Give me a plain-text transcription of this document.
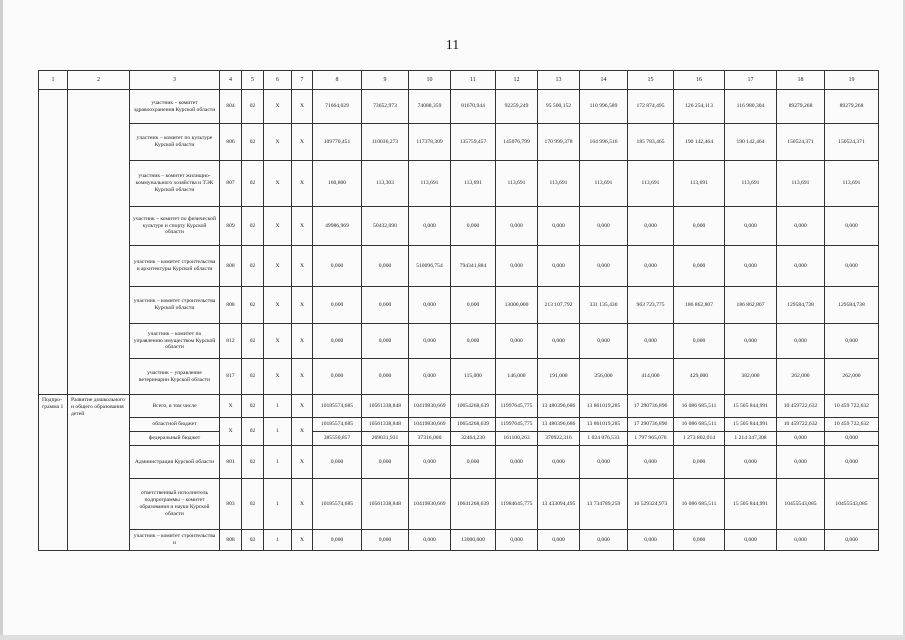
11
1	2	3	4	5	6	7	8	9	10	11	12	13	14	15	16	17	18	19
		участник – комитет здравоохранения Курской области	804	02	Х	Х	71664,029	73652,973	74088,359	81670,944	92259,249	95 500,152	110 996,589	172 874,495	126 254,113	116 980,304	89279,268	89279,268
		участник – комитет по культуре Курской области	806	02	Х	Х	109770,451	110036,273	117378,309	135759,457	145076,799	170 999,378	164 996,516	185 783,465	190 142,464	190 142,464	150524,371	150524,371
		участник – комитет жилищно-коммунального хозяйства и ТЭК Курской области	807	02	Х	Х	160,800	113,303	113,691	113,691	113,691	113,691	113,691	113,691	113,691	113,691	113,691	113,691
		участник – комитет по физической культуре и спорту Курской области	809	02	Х	Х	49986,969	50432,090	0,000	0,000	0,000	0,000	0,000	0,000	0,000	0,000	0,000	0,000
		участник – комитет строительства и архитектуры Курской области	808	02	Х	Х	0,000	0,000	510096,754	794341,884	0,000	0,000	0,000	0,000	0,000	0,000	0,000	0,000
		участник – комитет строительства Курской области	808	02	Х	Х	0,000	0,000	0,000	0,000	13000,000	213 107,792	331 135,430	963 723,775	186 862,807	186 862,807	129584,738	129584,738
		участник – комитет по управлению имуществом Курской области	812	02	Х	Х	0,000	0,000	0,000	0,000	0,000	0,000	0,000	0,000	0,000	0,000	0,000	0,000
		участник – управление ветеринарии Курской области	817	02	Х	Х	0,000	0,000	0,000	115,000	146,000	191,000	256,000	414,000	429,000	382,000	262,000	262,000
Подпро-грамма 1	Развитие дошкольного и общего образования детей	Всего, в том числе	Х	02	1	Х	10185574,685	10561338,848	10419830,669	10654268,639	11997645,775	13 480396,686	13 861019,285	17 290736,896	16 086 685,511	15 505 844,991	10 459722,632	10 459 722,632
		областной бюджет	Х	02	1	Х	10185574,685	10561338,848	10419830,669	10654268,639	11997645,775	13 480396,686	13 861019,285	17 290736,896	16 086 685,511	15 505 844,991	10 459722,632	10 459 722,632
		федеральный бюджет					385550,857	269031,931	37316,000	32464,230	161100,263	370922,316	1 024 076,533	1 797 965,076	1 273 802,014	1 214 347,308	0,000	0,000
		Администрация Курской области	801	02	1	Х	0,000	0,000	0,000	0,000	0,000	0,000	0,000	0,000	0,000	0,000	0,000	0,000
		ответственный исполнитель подпрограммы – комитет образования и науки Курской области	803	02	1	Х	10185574,685	10561338,848	10419830,669	10641268,639	11984645,775	13 433094,495	13 734789,259	16 529324,973	16 086 685,511	15 505 844,991	10455543,085	10455543,085
		участник – комитет строительства и	808	02	1	Х	0,000	0,000	0,000	13000,000	0,000	0,000	0,000	0,000	0,000	0,000	0,000	0,000
